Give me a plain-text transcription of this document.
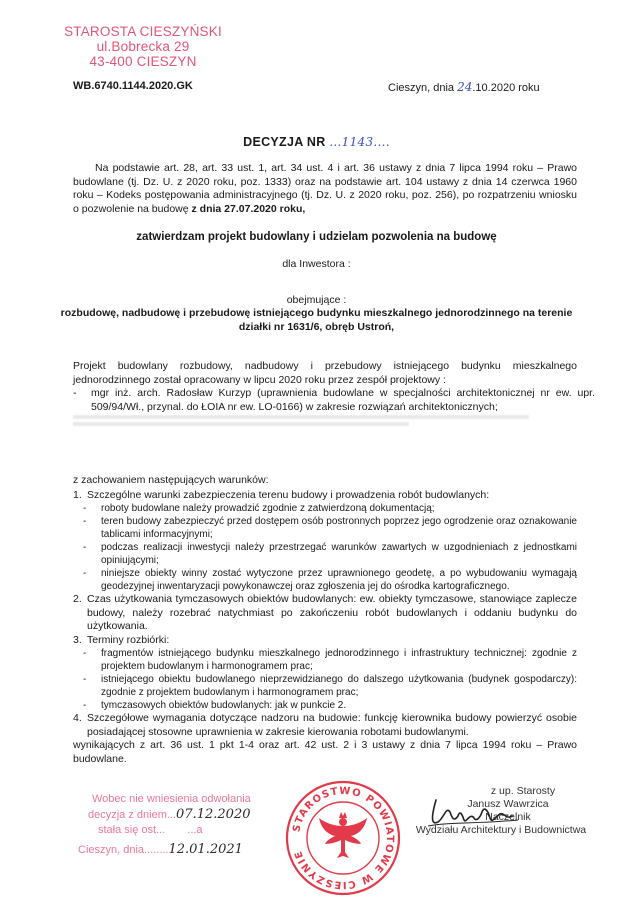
STAROSTA CIESZYŃSKI
ul.Bobrecka 29
43-400 CIESZYN
WB.6740.1144.2020.GK	Cieszyn, dnia 24.10.2020 roku
DECYZJA NR ...1143....

Na podstawie art. 28, art. 33 ust. 1, art. 34 ust. 4 i art. 36 ustawy z dnia 7 lipca 1994 roku – Prawo budowlane (tj. Dz. U. z 2020 roku, poz. 1333) oraz na podstawie art. 104 ustawy z dnia 14 czerwca 1960 roku – Kodeks postępowania administracyjnego (tj. Dz. U. z 2020 roku, poz. 256), po rozpatrzeniu wniosku o pozwolenie na budowę z dnia 27.07.2020 roku,

zatwierdzam projekt budowlany i udzielam pozwolenia na budowę
dla Inwestora :
obejmujące :
rozbudowę, nadbudowę i przebudowę istniejącego budynku mieszkalnego jednorodzinnego na terenie działki nr 1631/6, obręb Ustroń,

Projekt budowlany rozbudowy, nadbudowy i przebudowy istniejącego budynku mieszkalnego jednorodzinnego został opracowany w lipcu 2020 roku przez zespół projektowy :

- mgr inż. arch. Radosław Kurzyp (uprawnienia budowlane w specjalności architektonicznej nr ew. upr. 509/94/Wł., przynal. do ŁOIA nr ew. LO-0166) w zakresie rozwiązań architektonicznych;
z zachowaniem następujących warunków:
1. Szczególne warunki zabezpieczenia terenu budowy i prowadzenia robót budowlanych:
- roboty budowlane należy prowadzić zgodnie z zatwierdzoną dokumentacją;
- teren budowy zabezpieczyć przed dostępem osób postronnych poprzez jego ogrodzenie oraz oznakowanie tablicami informacyjnymi;
- podczas realizacji inwestycji należy przestrzegać warunków zawartych w uzgodnieniach z jednostkami opiniującymi;
- niniejsze obiekty winny zostać wytyczone przez uprawnionego geodetę, a po wybudowaniu wymagają geodezyjnej inwentaryzacji powykonawczej oraz zgłoszenia jej do ośrodka kartograficznego.
2. Czas użytkowania tymczasowych obiektów budowlanych: ew. obiekty tymczasowe, stanowiące zaplecze budowy, należy rozebrać natychmiast po zakończeniu robót budowlanych i oddaniu budynku do użytkowania.
3. Terminy rozbiórki:
- fragmentów istniejącego budynku mieszkalnego jednorodzinnego i infrastruktury technicznej: zgodnie z projektem budowlanym i harmonogramem prac;
- istniejącego obiektu budowlanego nieprzewidzianego do dalszego użytkowania (budynek gospodarczy): zgodnie z projektem budowlanym i harmonogramem prac;
- tymczasowych obiektów budowlanych: jak w punkcie 2.
4. Szczegółowe wymagania dotyczące nadzoru na budowie: funkcję kierownika budowy powierzyć osobie posiadającej stosowne uprawnienia w zakresie kierowania robotami budowlanymi.
wynikających z art. 36 ust. 1 pkt 1-4 oraz art. 42 ust. 2 i 3 ustawy z dnia 7 lipca 1994 roku – Prawo budowlane.
Wobec nie wniesienia odwołania
decyzja z dniem...07.12.2020
stała się ost... ...a
Cieszyn, dnia........12.01.2021
STAROSTWO POWIATOWE W CIESZYNIE
z up. Starosty
Janusz Wawrzica
Naczelnik
Wydziału Architektury i Budownictwa
